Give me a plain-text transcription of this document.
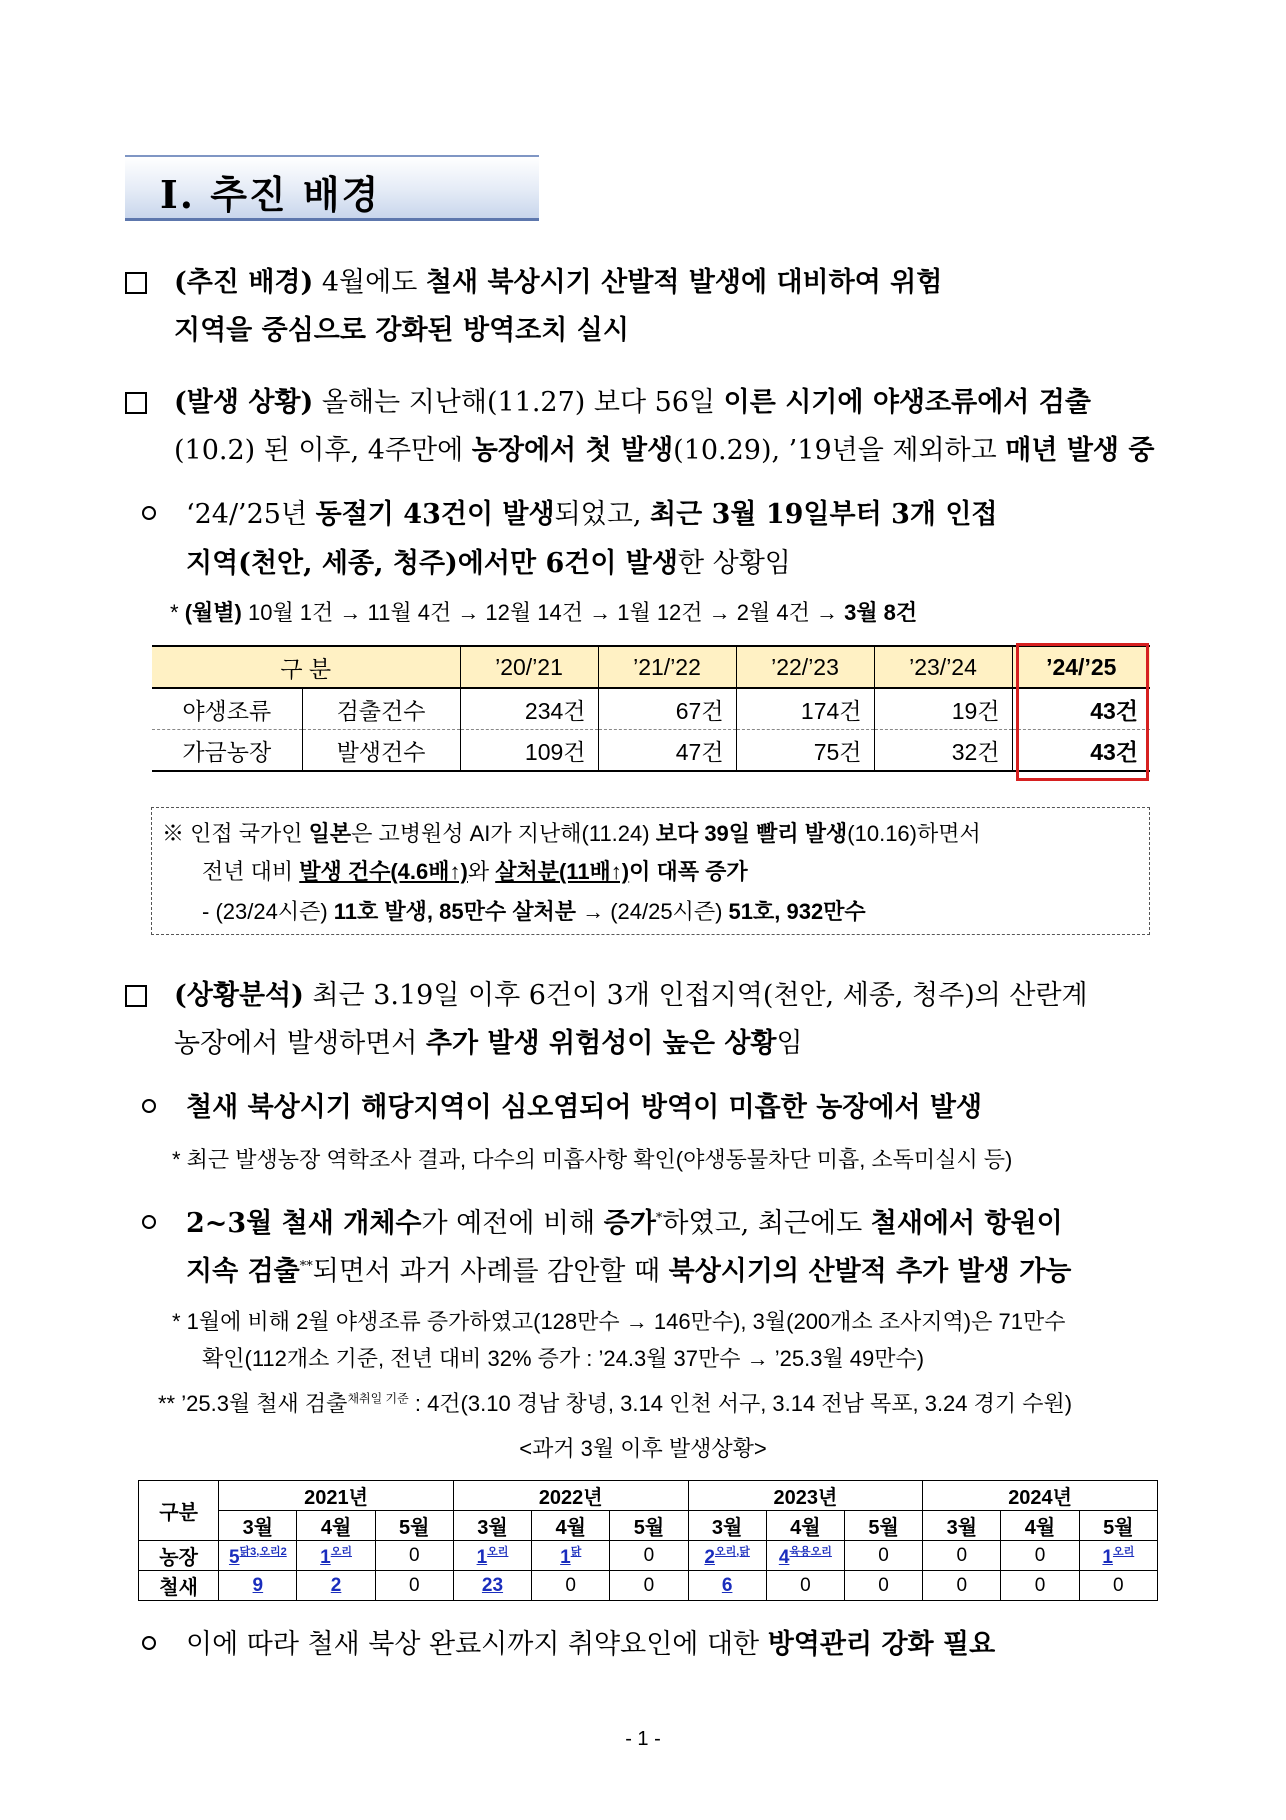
Ⅰ. 추진 배경
(추진 배경) 4월에도 철새 북상시기 산발적 발생에 대비하여 위험
지역을 중심으로 강화된 방역조치 실시
(발생 상황) 올해는 지난해(11.27) 보다 56일 이른 시기에 야생조류에서 검출
(10.2) 된 이후, 4주만에 농장에서 첫 발생(10.29), ’19년을 제외하고 매년 발생 중
‘24/’25년 동절기 43건이 발생되었고, 최근 3월 19일부터 3개 인접
지역(천안, 세종, 청주)에서만 6건이 발생한 상황임
* (월별) 10월 1건 → 11월 4건 → 12월 14건 → 1월 12건 → 2월 4건 → 3월 8건
구 분		’20/’21	’21/’22	’22/’23	’23/’24	’24/’25
야생조류	검출건수	234건	67건	174건	19건	43건
가금농장	발생건수	109건	47건	75건	32건	43건
※ 인접 국가인 일본은 고병원성 AI가 지난해(11.24) 보다 39일 빨리 발생(10.16)하면서
전년 대비 발생 건수(4.6배↑)와 살처분(11배↑)이 대폭 증가
- (23/24시즌) 11호 발생, 85만수 살처분 → (24/25시즌) 51호, 932만수
(상황분석) 최근 3.19일 이후 6건이 3개 인접지역(천안, 세종, 청주)의 산란계
농장에서 발생하면서 추가 발생 위험성이 높은 상황임
철새 북상시기 해당지역이 심오염되어 방역이 미흡한 농장에서 발생
* 최근 발생농장 역학조사 결과, 다수의 미흡사항 확인(야생동물차단 미흡, 소독미실시 등)
2~3월 철새 개체수가 예전에 비해 증가*하였고, 최근에도 철새에서 항원이
지속 검출**되면서 과거 사례를 감안할 때 북상시기의 산발적 추가 발생 가능
* 1월에 비해 2월 야생조류 증가하였고(128만수 → 146만수), 3월(200개소 조사지역)은 71만수
확인(112개소 기준, 전년 대비 32% 증가 : ’24.3월 37만수 → ’25.3월 49만수)
** ’25.3월 철새 검출$^{채취일 기준}$ : 4건(3.10 경남 창녕, 3.14 인천 서구, 3.14 전남 목포, 3.24 경기 수원)
<과거 3월 이후 발생상황>
구분	2021년			2022년			2023년			2024년		
	3월	4월	5월	3월	4월	5월	3월	4월	5월	3월	4월	5월
농장	$5^{닭3,오리2}$	$1^{오리}$	0	$1^{오리}$	$1^닭$	0	$2^{오리,닭}$	$4^{육용오리}$	0	0	0	$1^{오리}$
철새	9	2	0	23	0	0	6	0	0	0	0	0
이에 따라 철새 북상 완료시까지 취약요인에 대한 방역관리 강화 필요
- 1 -
